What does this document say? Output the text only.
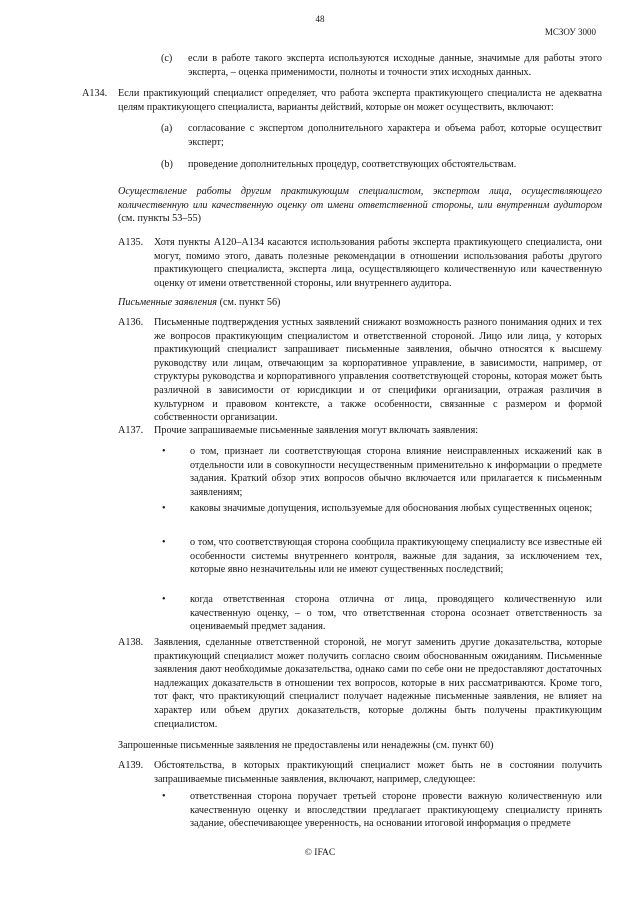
48
МСЗОУ 3000
(c) если в работе такого эксперта используются исходные данные, значимые для работы этого эксперта, – оценка применимости, полноты и точности этих исходных данных.
A134. Если практикующий специалист определяет, что работа эксперта практикующего специалиста не адекватна целям практикующего специалиста, варианты действий, которые он может осуществить, включают:
(a) согласование с экспертом дополнительного характера и объема работ, которые осуществит эксперт;
(b) проведение дополнительных процедур, соответствующих обстоятельствам.
Осуществление работы другим практикующим специалистом, экспертом лица, осуществляющего количественную или качественную оценку от имени ответственной стороны, или внутренним аудитором (см. пункты 53–55)
A135. Хотя пункты A120–A134 касаются использования работы эксперта практикующего специалиста, они могут, помимо этого, давать полезные рекомендации в отношении использования работы другого практикующего специалиста, эксперта лица, осуществляющего количественную или качественную оценку от имени ответственной стороны, или внутреннего аудитора.
Письменные заявления (см. пункт 56)
A136. Письменные подтверждения устных заявлений снижают возможность разного понимания одних и тех же вопросов практикующим специалистом и ответственной стороной. Лицо или лица, у которых практикующий специалист запрашивает письменные заявления, обычно относятся к высшему руководству или лицам, отвечающим за корпоративное управление, в зависимости, например, от структуры руководства и корпоративного управления соответствующей стороны, которая может быть различной в зависимости от юрисдикции и от специфики организации, отражая различия в культурном и правовом контексте, а также особенности, связанные с размером и формой собственности организации.
A137. Прочие запрашиваемые письменные заявления могут включать заявления:
• о том, признает ли соответствующая сторона влияние неисправленных искажений как в отдельности или в совокупности несущественным применительно к информации о предмете задания. Краткий обзор этих вопросов обычно включается или прилагается к письменным заявлениям;
• каковы значимые допущения, используемые для обоснования любых существенных оценок;
• о том, что соответствующая сторона сообщила практикующему специалисту все известные ей особенности системы внутреннего контроля, важные для задания, за исключением тех, которые явно незначительны или не имеют существенных последствий;
• когда ответственная сторона отлична от лица, проводящего количественную или качественную оценку, – о том, что ответственная сторона осознает ответственность за оцениваемый предмет задания.
A138. Заявления, сделанные ответственной стороной, не могут заменить другие доказательства, которые практикующий специалист может получить согласно своим обоснованным ожиданиям. Письменные заявления дают необходимые доказательства, однако сами по себе они не предоставляют достаточных надлежащих доказательств в отношении тех вопросов, которые в них рассматриваются. Кроме того, тот факт, что практикующий специалист получает надежные письменные заявления, не влияет на характер или объем других доказательств, которые должны быть получены практикующим специалистом.
Запрошенные письменные заявления не предоставлены или ненадежны (см. пункт 60)
A139. Обстоятельства, в которых практикующий специалист может быть не в состоянии получить запрашиваемые письменные заявления, включают, например, следующее:
• ответственная сторона поручает третьей стороне провести важную количественную или качественную оценку и впоследствии предлагает практикующему специалисту принять задание, обеспечивающее уверенность, на основании итоговой информация о предмете
© IFAC
